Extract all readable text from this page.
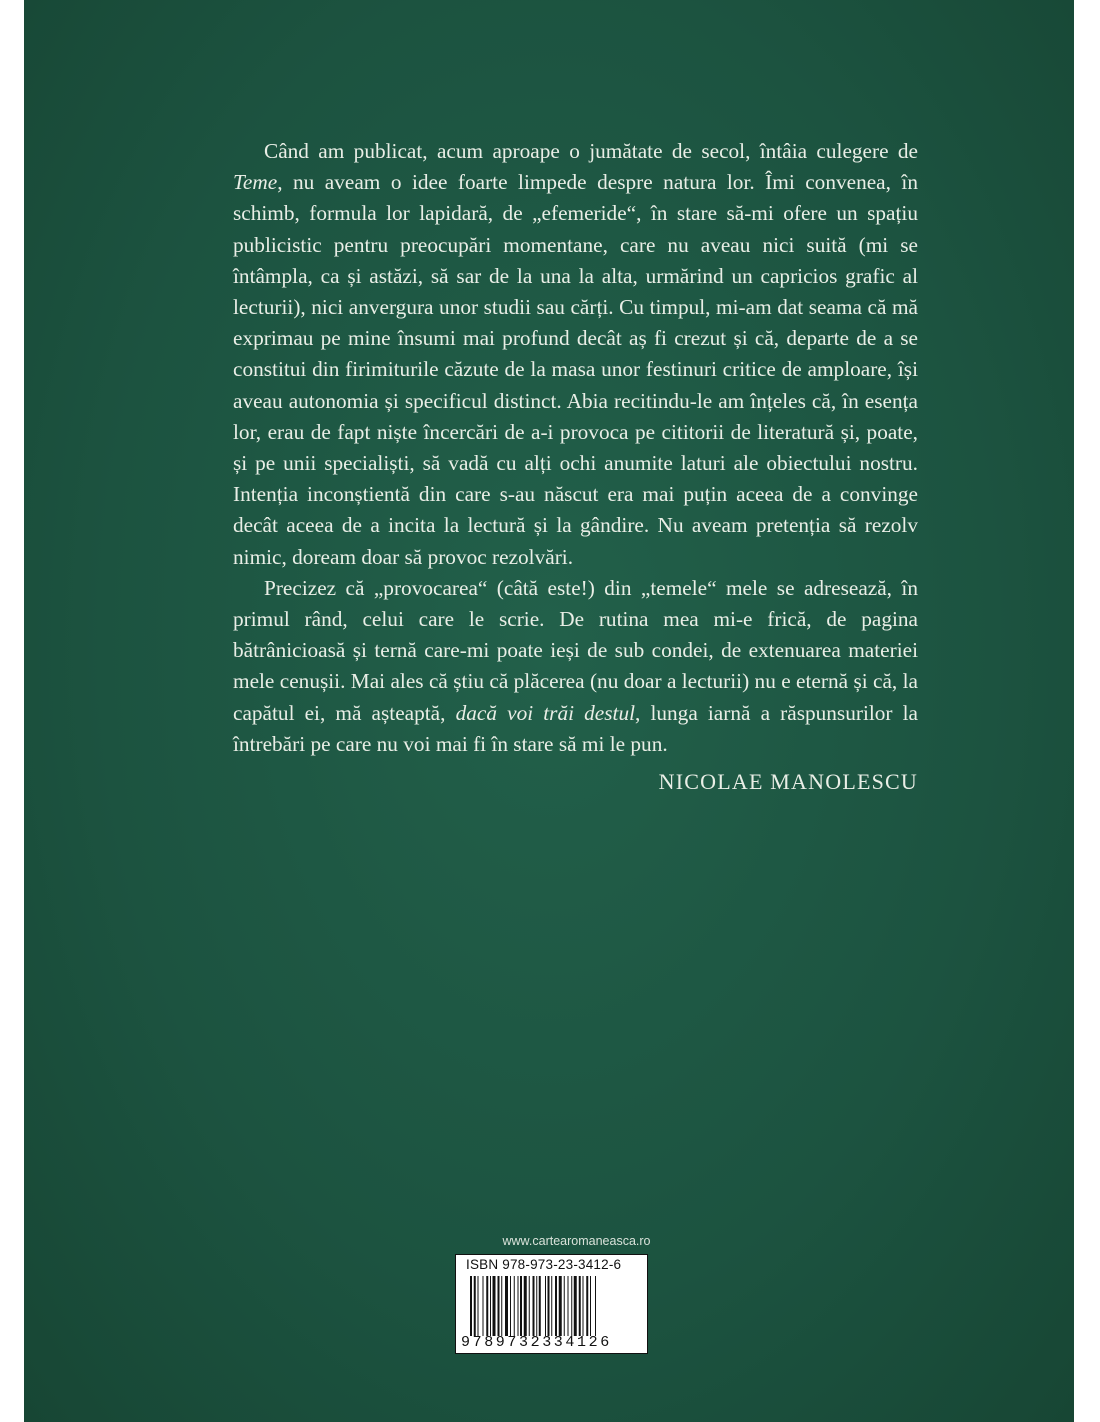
Când am publicat, acum aproape o jumătate de secol, întâia culegere de Teme, nu aveam o idee foarte limpede despre natura lor. Îmi convenea, în schimb, formula lor lapidară, de „efemeride“, în stare să-mi ofere un spațiu publicistic pentru preocupări momentane, care nu aveau nici suită (mi se întâmpla, ca și astăzi, să sar de la una la alta, urmărind un capricios grafic al lecturii), nici anvergura unor studii sau cărți. Cu timpul, mi-am dat seama că mă exprimau pe mine însumi mai profund decât aș fi crezut și că, departe de a se constitui din firimiturile căzute de la masa unor festinuri critice de amploare, își aveau autonomia și specificul distinct. Abia recitindu-le am înțeles că, în esența lor, erau de fapt niște încercări de a-i provoca pe cititorii de literatură și, poate, și pe unii specialiști, să vadă cu alți ochi anumite laturi ale obiectului nostru. Intenția inconștientă din care s-au născut era mai puțin aceea de a convinge decât aceea de a incita la lectură și la gândire. Nu aveam pretenția să rezolv nimic, doream doar să provoc rezolvări.

Precizez că „provocarea“ (câtă este!) din „temele“ mele se adresează, în primul rând, celui care le scrie. De rutina mea mi-e frică, de pagina bătrânicioasă și ternă care-mi poate ieși de sub condei, de extenuarea materiei mele cenușii. Mai ales că știu că plăcerea (nu doar a lecturii) nu e eternă și că, la capătul ei, mă așteaptă, dacă voi trăi destul, lunga iarnă a răspunsurilor la întrebări pe care nu voi mai fi în stare să mi le pun.

NICOLAE MANOLESCU
www.cartearomaneasca.ro
ISBN 978-973-23-3412-6
9789732334126
